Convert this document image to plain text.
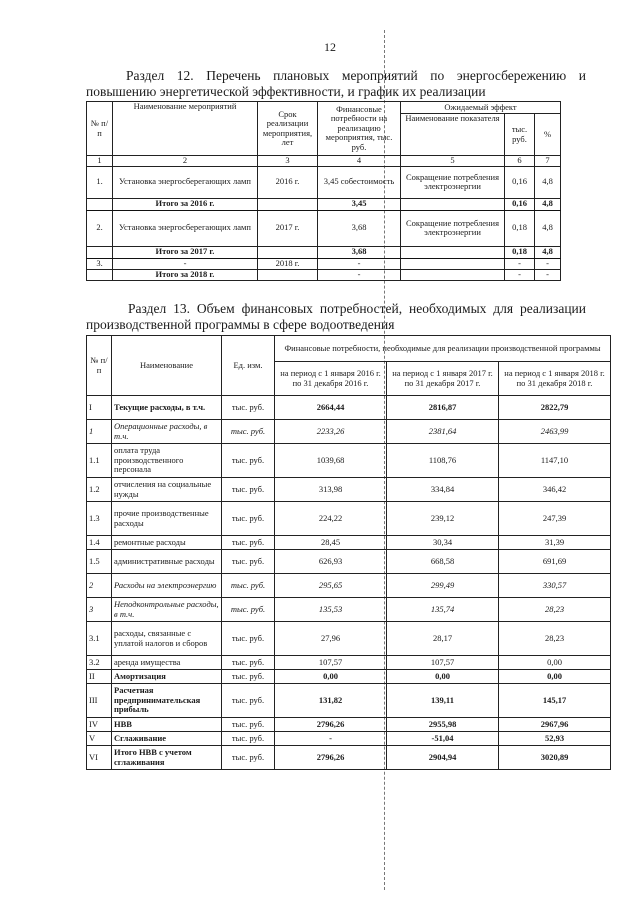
12
Раздел 12. Перечень плановых мероприятий по энергосбережению и повышению энергетической эффективности, и график их реализации
№ п/п	Наименование мероприятий	Срок реализации мероприятия, лет	Финансовые потребности на реализацию мероприятия, тыс. руб.	Ожидаемый эффект		
				Наименование показателя	тыс. руб.	%
1	2	3	4	5	6	7
1.	Установка энергосберегающих ламп	2016 г.	3,45 собестоимость	Сокращение потребления электроэнергии	0,16	4,8
	Итого за 2016 г.		3,45		0,16	4,8
2.	Установка энергосберегающих ламп	2017 г.	3,68	Сокращение потребления электроэнергии	0,18	4,8
	Итого за 2017 г.		3,68		0,18	4,8
3.	-	2018 г.	-		-	-
	Итого за 2018 г.		-		-	-
Раздел 13. Объем финансовых потребностей, необходимых для реализации производственной программы в сфере водоотведения
№ п/п	Наименование	Ед. изм.	Финансовые потребности, необходимые для реализации производственной программы		
			на период с 1 января 2016 г. по 31 декабря 2016 г.	на период с 1 января 2017 г. по 31 декабря 2017 г.	на период с 1 января 2018 г. по 31 декабря 2018 г.
I	Текущие расходы, в т.ч.	тыс. руб.	2664,44	2816,87	2822,79
1	Операционные расходы, в т.ч.	тыс. руб.	2233,26	2381,64	2463,99
1.1	оплата труда производственного персонала	тыс. руб.	1039,68	1108,76	1147,10
1.2	отчисления на социальные нужды	тыс. руб.	313,98	334,84	346,42
1.3	прочие производственные расходы	тыс. руб.	224,22	239,12	247,39
1.4	ремонтные расходы	тыс. руб.	28,45	30,34	31,39
1.5	административные расходы	тыс. руб.	626,93	668,58	691,69
2	Расходы на электроэнергию	тыс. руб.	295,65	299,49	330,57
3	Неподконтрольные расходы, в т.ч.	тыс. руб.	135,53	135,74	28,23
3.1	расходы, связанные с уплатой налогов и сборов	тыс. руб.	27,96	28,17	28,23
3.2	аренда имущества	тыс. руб.	107,57	107,57	0,00
II	Амортизация	тыс. руб.	0,00	0,00	0,00
III	Расчетная предпринимательская прибыль	тыс. руб.	131,82	139,11	145,17
IV	НВВ	тыс. руб.	2796,26	2955,98	2967,96
V	Сглаживание	тыс. руб.	-	-51,04	52,93
VI	Итого НВВ с учетом сглаживания	тыс. руб.	2796,26	2904,94	3020,89
